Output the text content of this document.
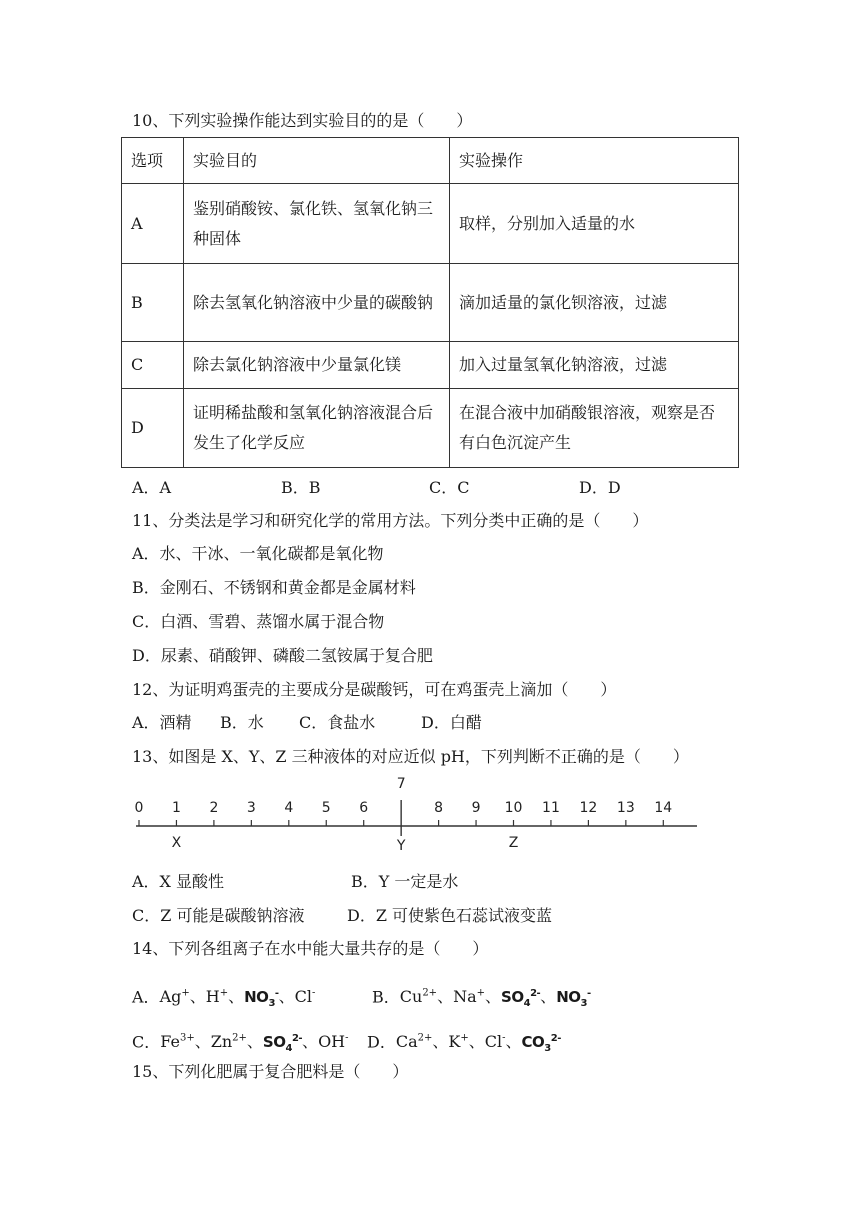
10、下列实验操作能达到实验目的的是（　　）
选项	实验目的	实验操作
A	鉴别硝酸铵、氯化铁、氢氧化钠三种固体	取样，分别加入适量的水
B	除去氢氧化钠溶液中少量的碳酸钠	滴加适量的氯化钡溶液，过滤
C	除去氯化钠溶液中少量氯化镁	加入过量氢氧化钠溶液，过滤
D	证明稀盐酸和氢氧化钠溶液混合后发生了化学反应	在混合液中加硝酸银溶液，观察是否有白色沉淀产生
A．A	B．B	C．C	D．D
11、分类法是学习和研究化学的常用方法。下列分类中正确的是（　　）
A．水、干冰、一氧化碳都是氧化物
B．金刚石、不锈钢和黄金都是金属材料
C．白酒、雪碧、蒸馏水属于混合物
D．尿素、硝酸钾、磷酸二氢铵属于复合肥
12、为证明鸡蛋壳的主要成分是碳酸钙，可在鸡蛋壳上滴加（　　）
A．酒精 B．水 C．食盐水	D．白醋
13、如图是 X、Y、Z 三种液体的对应近似 pH，下列判断不正确的是（　　）
0 1 2 3 4 5 6
7
8 9 10 11 12 13 14
X	Y	Z
A．X 显酸性	B．Y 一定是水
C．Z 可能是碳酸钠溶液	D．Z 可使紫色石蕊试液变蓝
14、下列各组离子在水中能大量共存的是（　　）
A．Ag+、H+、$NO_3^-$、Cl-	B．$Cu^{2+}$、Na+、$SO_4^{2-}$、$NO_3^-$
C．$Fe^{3+}$、$Zn^{2+}$、$SO_4^{2-}$、OH- D．$Ca^{2+}$、K+、Cl-、$CO_3^{2-}$
15、下列化肥属于复合肥料是（　　）
